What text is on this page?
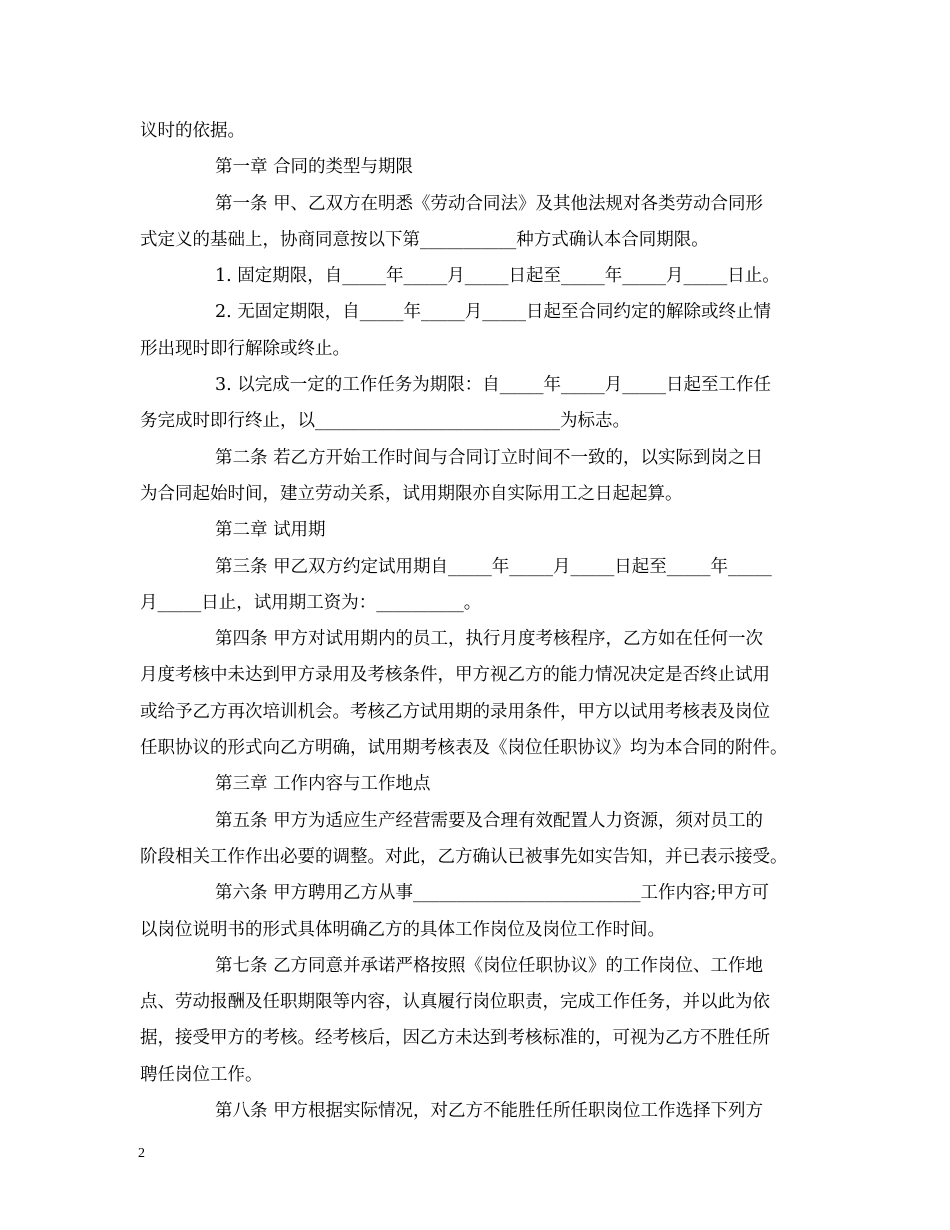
议时的依据。
第一章 合同的类型与期限
第一条 甲、乙双方在明悉《劳动合同法》及其他法规对各类劳动合同形
式定义的基础上，协商同意按以下第___________种方式确认本合同期限。
1. 固定期限，自_____年_____月_____日起至_____年_____月_____日止。
2. 无固定期限，自_____年_____月_____日起至合同约定的解除或终止情
形出现时即行解除或终止。
3. 以完成一定的工作任务为期限：自_____年_____月_____日起至工作任
务完成时即行终止，以____________________________为标志。
第二条 若乙方开始工作时间与合同订立时间不一致的，以实际到岗之日
为合同起始时间，建立劳动关系，试用期限亦自实际用工之日起起算。
第二章 试用期
第三条 甲乙双方约定试用期自_____年_____月_____日起至_____年_____
月_____日止，试用期工资为：__________。
第四条 甲方对试用期内的员工，执行月度考核程序，乙方如在任何一次
月度考核中未达到甲方录用及考核条件，甲方视乙方的能力情况决定是否终止试用
或给予乙方再次培训机会。考核乙方试用期的录用条件，甲方以试用考核表及岗位
任职协议的形式向乙方明确，试用期考核表及《岗位任职协议》均为本合同的附件。
第三章 工作内容与工作地点
第五条 甲方为适应生产经营需要及合理有效配置人力资源，须对员工的
阶段相关工作作出必要的调整。对此，乙方确认已被事先如实告知，并已表示接受。
第六条 甲方聘用乙方从事__________________________工作内容;甲方可
以岗位说明书的形式具体明确乙方的具体工作岗位及岗位工作时间。
第七条 乙方同意并承诺严格按照《岗位任职协议》的工作岗位、工作地
点、劳动报酬及任职期限等内容，认真履行岗位职责，完成工作任务，并以此为依
据，接受甲方的考核。经考核后，因乙方未达到考核标准的，可视为乙方不胜任所
聘任岗位工作。
第八条 甲方根据实际情况，对乙方不能胜任所任职岗位工作选择下列方
2
